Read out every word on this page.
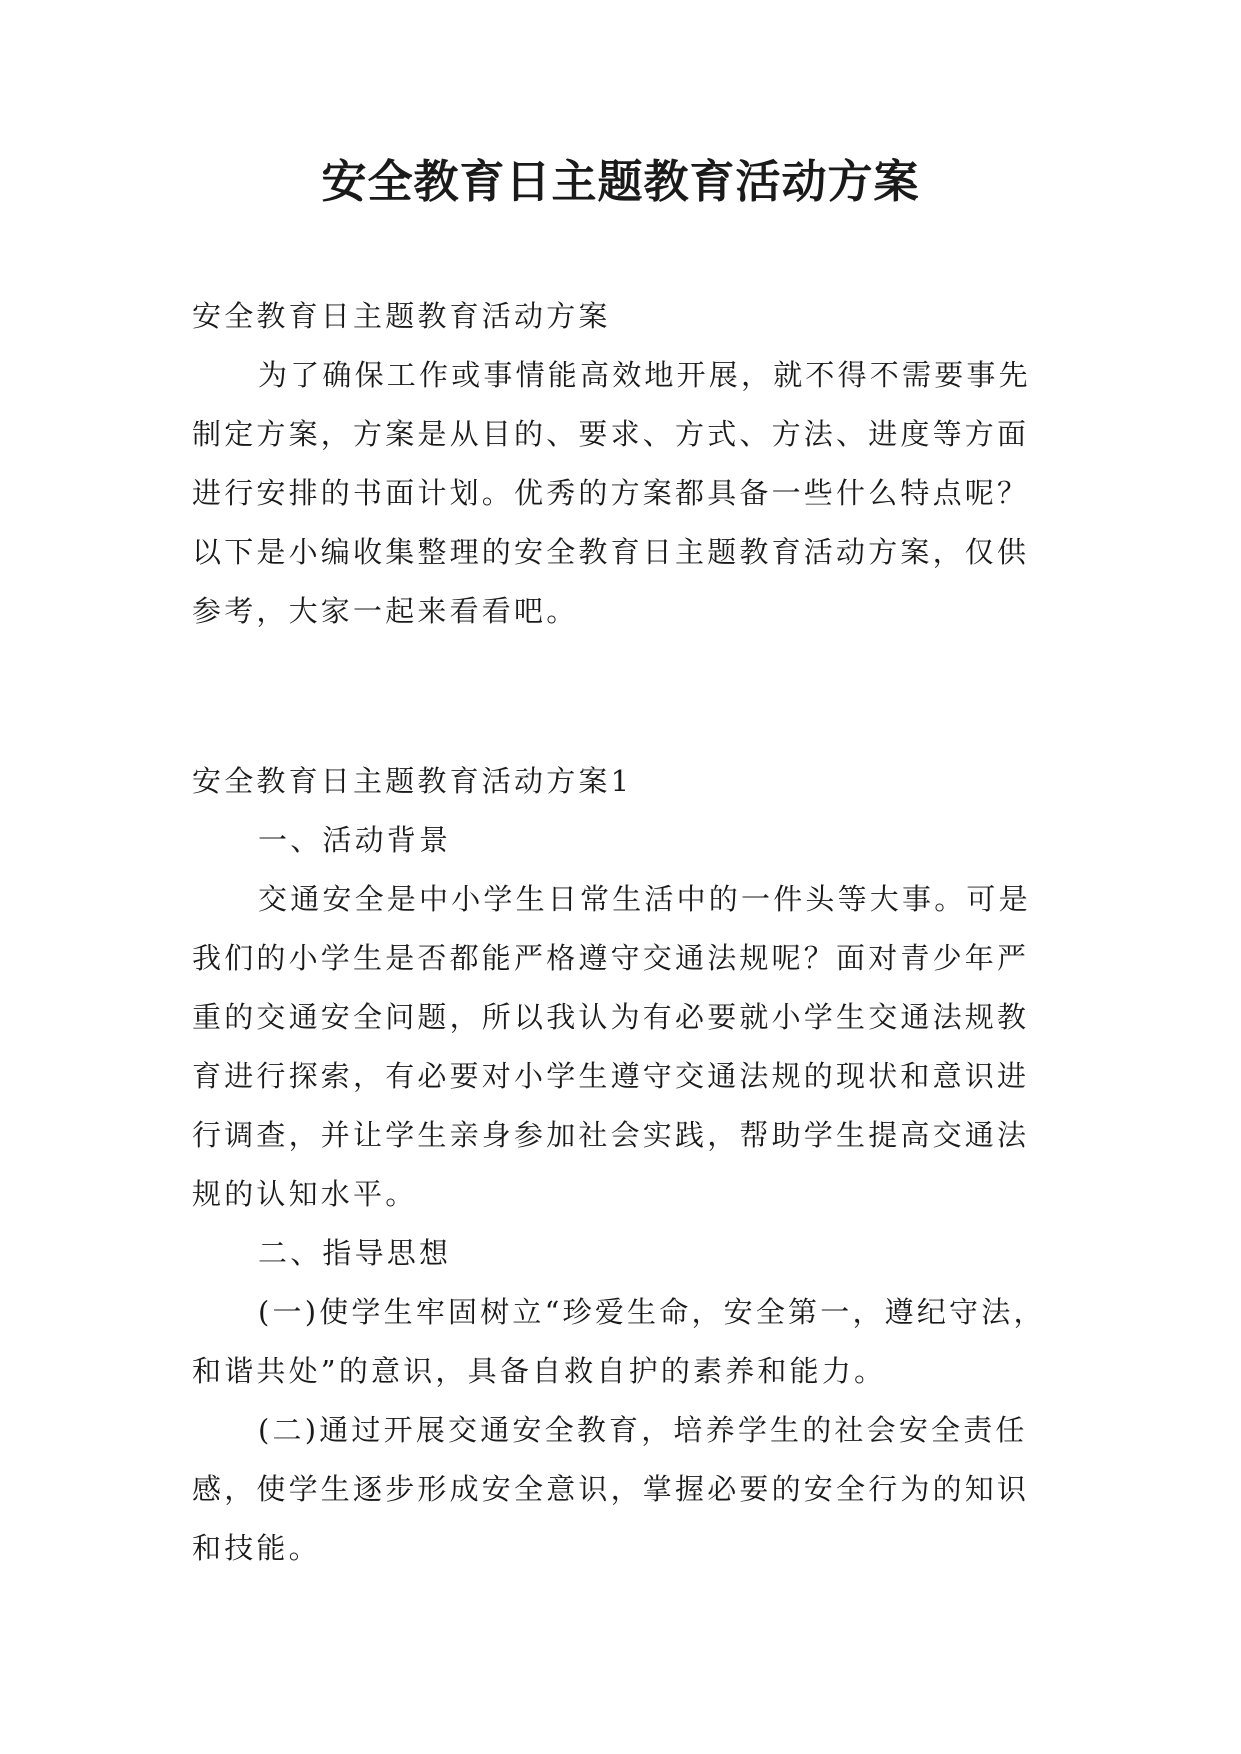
安全教育日主题教育活动方案

安全教育日主题教育活动方案

为了确保工作或事情能高效地开展，就不得不需要事先制定方案，方案是从目的、要求、方式、方法、进度等方面进行安排的书面计划。优秀的方案都具备一些什么特点呢？以下是小编收集整理的安全教育日主题教育活动方案，仅供参考，大家一起来看看吧。

安全教育日主题教育活动方案1

一、活动背景

交通安全是中小学生日常生活中的一件头等大事。可是我们的小学生是否都能严格遵守交通法规呢？面对青少年严重的交通安全问题，所以我认为有必要就小学生交通法规教育进行探索，有必要对小学生遵守交通法规的现状和意识进行调查，并让学生亲身参加社会实践，帮助学生提高交通法规的认知水平。

二、指导思想

(一)使学生牢固树立“珍爱生命，安全第一，遵纪守法，和谐共处”的意识，具备自救自护的素养和能力。

(二)通过开展交通安全教育，培养学生的社会安全责任感，使学生逐步形成安全意识，掌握必要的安全行为的知识和技能。
